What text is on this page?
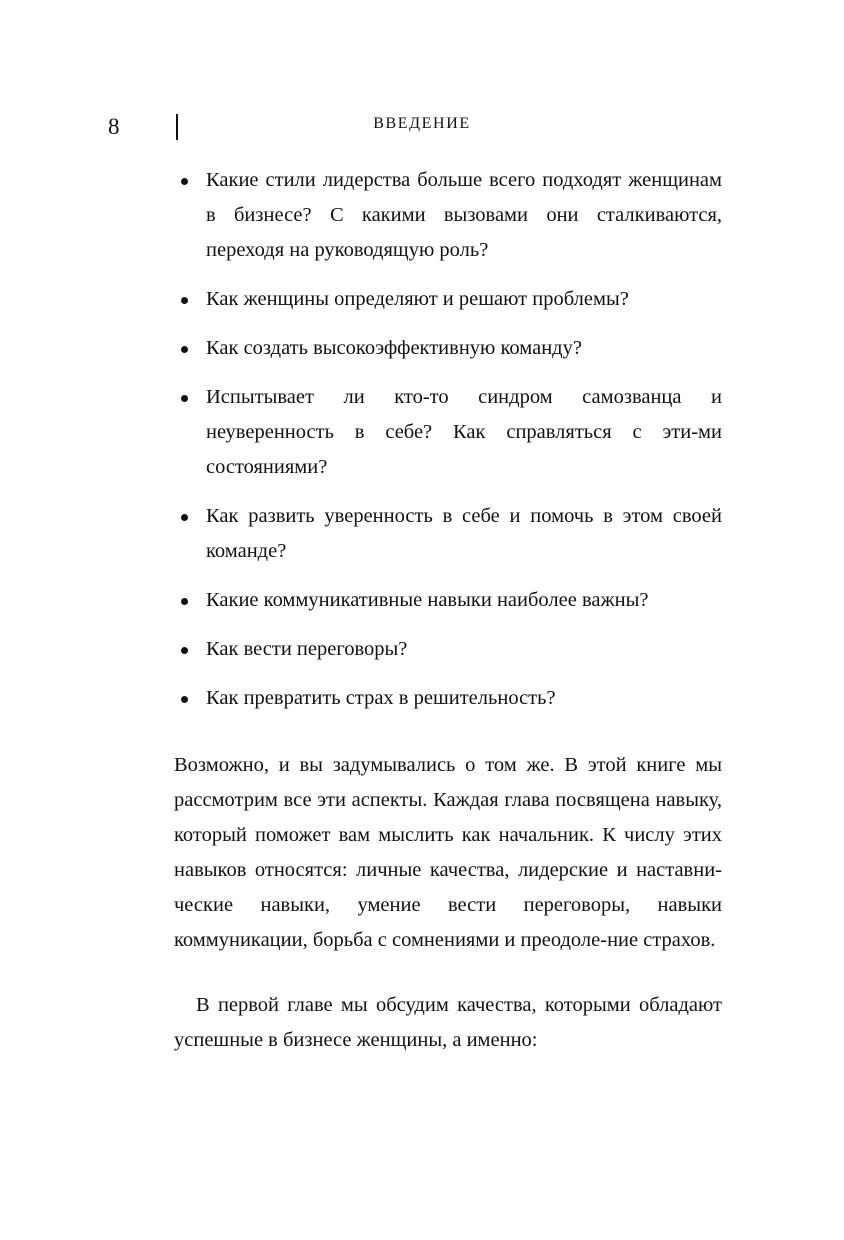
8	ВВЕДЕНИЕ
Какие стили лидерства больше всего подходят женщинам в бизнесе? С какими вызовами они сталкиваются, переходя на руководящую роль?
Как женщины определяют и решают проблемы?
Как создать высокоэффективную команду?
Испытывает ли кто-то синдром самозванца и неуверенность в себе? Как справляться с эти-ми состояниями?
Как развить уверенность в себе и помочь в этом своей команде?
Какие коммуникативные навыки наиболее важны?
Как вести переговоры?
Как превратить страх в решительность?

Возможно, и вы задумывались о том же. В этой книге мы рассмотрим все эти аспекты. Каждая глава посвящена навыку, который поможет вам мыслить как начальник. К числу этих навыков относятся: личные качества, лидерские и наставни-ческие навыки, умение вести переговоры, навыки коммуникации, борьба с сомнениями и преодоле-ние страхов.

В первой главе мы обсудим качества, которыми обладают успешные в бизнесе женщины, а именно:
